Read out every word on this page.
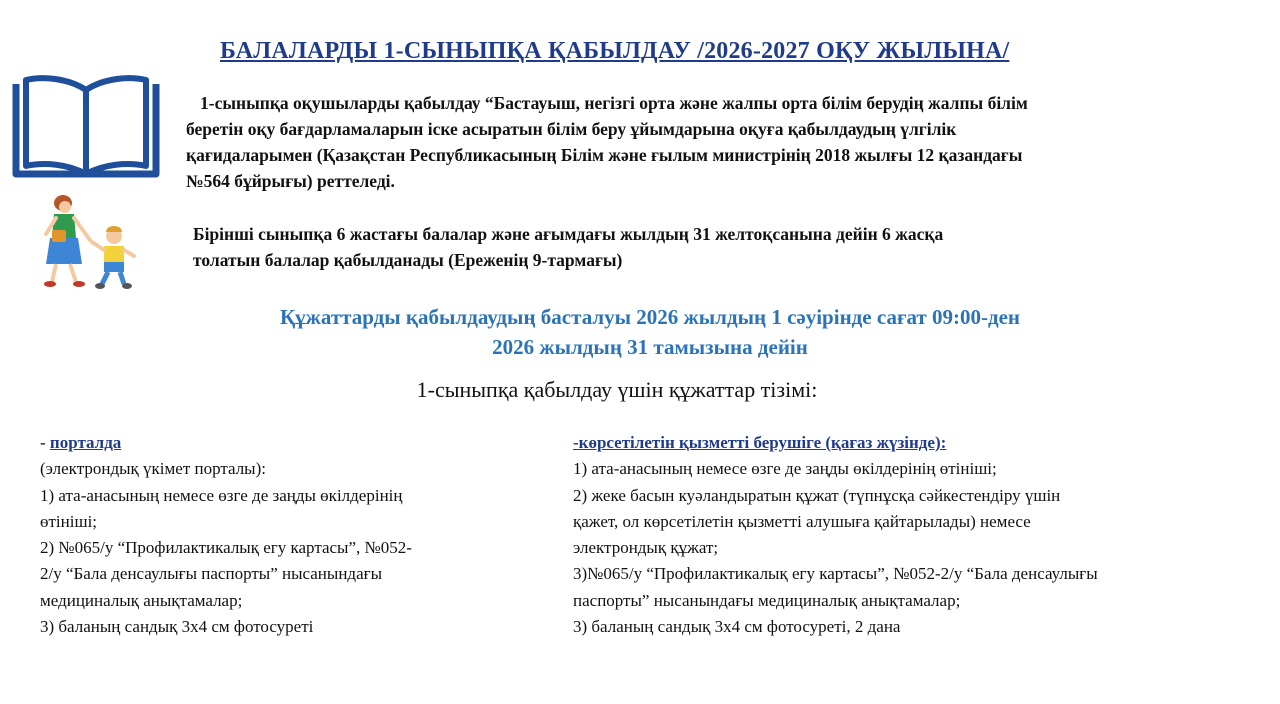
БАЛАЛАРДЫ 1-СЫНЫПҚА ҚАБЫЛДАУ /2026-2027 ОҚУ ЖЫЛЫНА/

1-сыныпқа оқушыларды қабылдау “Бастауыш, негізгі орта және жалпы орта білім берудің жалпы білім

беретін оқу бағдарламаларын іске асыратын білім беру ұйымдарына оқуға қабылдаудың үлгілік

қағидаларымен (Қазақстан Республикасының Білім және ғылым министрінің 2018 жылғы 12 қазандағы

№564 бұйрығы) реттеледі.

Бірінші сыныпқа 6 жастағы балалар және ағымдағы жылдың 31 желтоқсанына дейін 6 жасқа

толатын балалар қабылданады (Ереженің 9-тармағы)

Құжаттарды қабылдаудың басталуы 2026 жылдың 1 сәуірінде сағат 09:00-ден
2026 жылдың 31 тамызына дейін
1-сыныпқа қабылдау үшін құжаттар тізімі:
- порталда
(электрондық үкімет порталы):
1) ата-анасының немесе өзге де заңды өкілдерінің
өтініші;
2) №065/у “Профилактикалық егу картасы”, №052-
2/у “Бала денсаулығы паспорты” нысанындағы
медициналық анықтамалар;
3) баланың сандық 3х4 см фотосуреті
-көрсетілетін қызметті берушіге (қағаз жүзінде):
1) ата-анасының немесе өзге де заңды өкілдерінің өтініші;
2) жеке басын куәландыратын құжат (түпнұсқа сәйкестендіру үшін
қажет, ол көрсетілетін қызметті алушыға қайтарылады) немесе
электрондық құжат;
3)№065/у “Профилактикалық егу картасы”, №052-2/у “Бала денсаулығы
паспорты” нысанындағы медициналық анықтамалар;
3) баланың сандық 3х4 см фотосуреті, 2 дана
